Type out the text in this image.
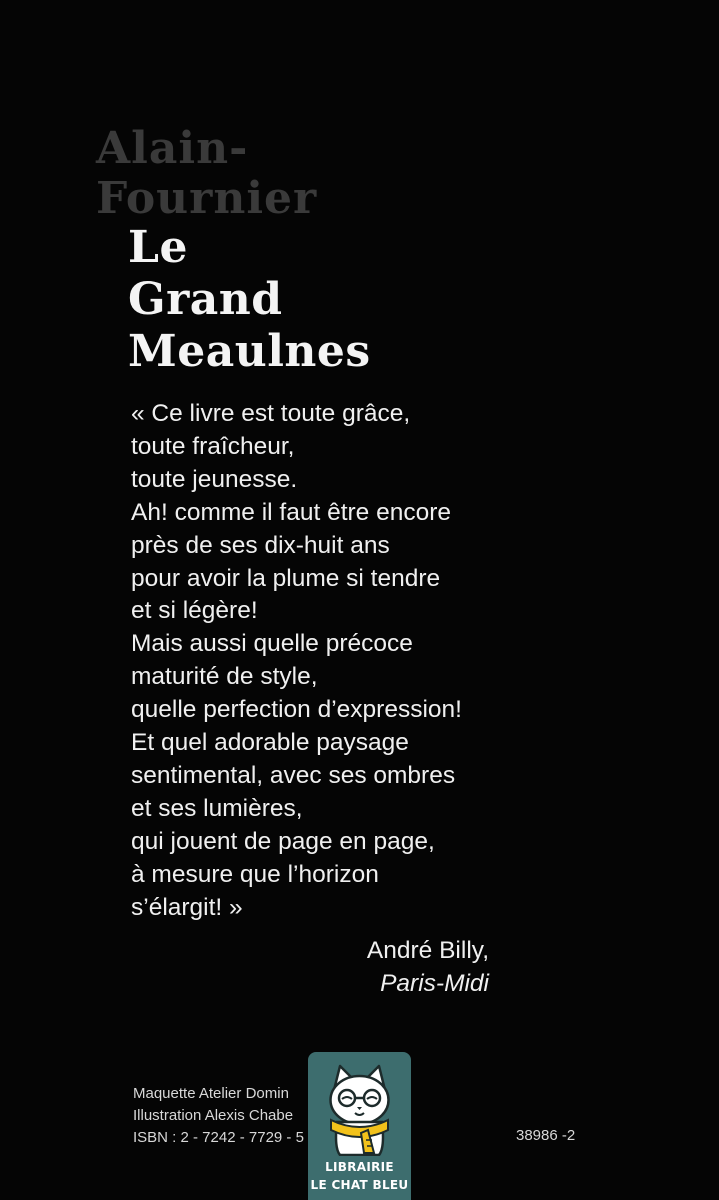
Alain-
Fournier
Le
Grand
Meaulnes
« Ce livre est toute grâce,
toute fraîcheur,
toute jeunesse.
Ah! comme il faut être encore
près de ses dix-huit ans
pour avoir la plume si tendre
et si légère!
Mais aussi quelle précoce
maturité de style,
quelle perfection d’expression!
Et quel adorable paysage
sentimental, avec ses ombres
et ses lumières,
qui jouent de page en page,
à mesure que l’horizon
s’élargit! »
André Billy,
Paris-Midi
Maquette Atelier Domin
Illustration Alexis Chabe
ISBN : 2 - 7242 - 7729 - 5	38986 -2
LIBRAIRIE
LE CHAT BLEU
